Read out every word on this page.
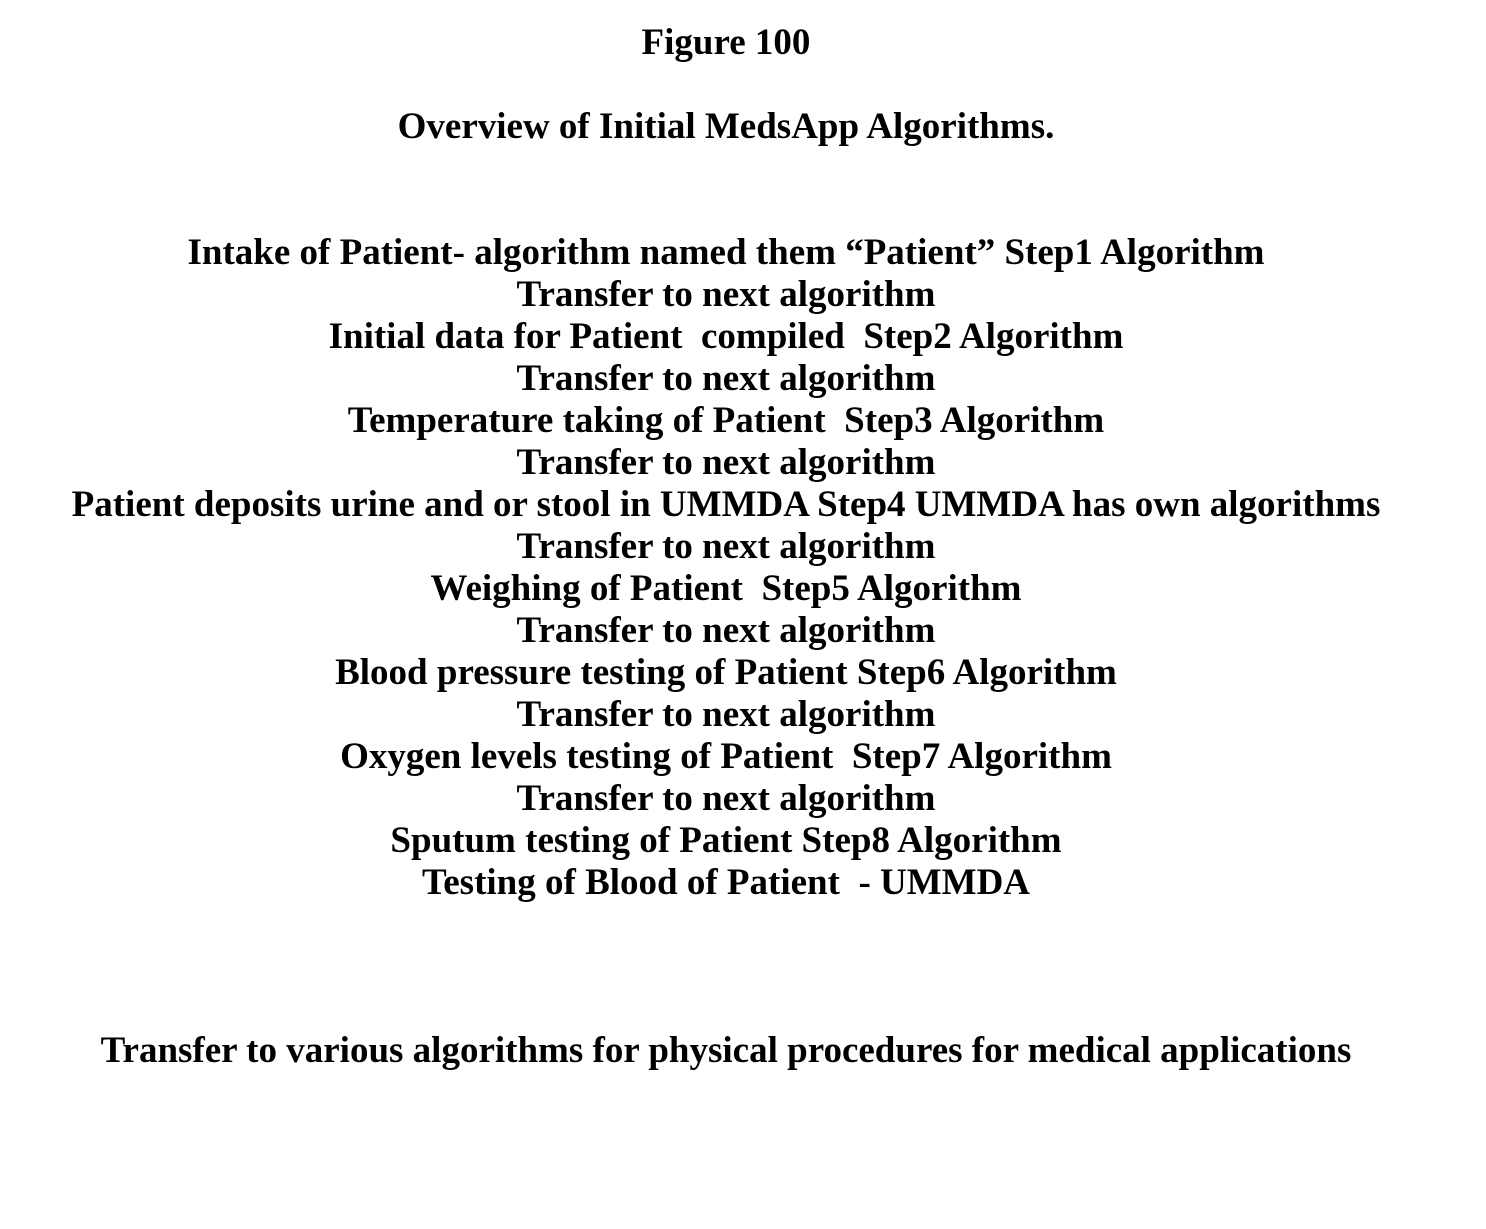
Figure 100
Overview of Initial MedsApp Algorithms.
Intake of Patient- algorithm named them “Patient” Step1 Algorithm
Transfer to next algorithm
Initial data for Patient  compiled  Step2 Algorithm
Transfer to next algorithm
Temperature taking of Patient  Step3 Algorithm
Transfer to next algorithm
Patient deposits urine and or stool in UMMDA Step4 UMMDA has own algorithms
Transfer to next algorithm
Weighing of Patient  Step5 Algorithm
Transfer to next algorithm
Blood pressure testing of Patient Step6 Algorithm
Transfer to next algorithm
Oxygen levels testing of Patient  Step7 Algorithm
Transfer to next algorithm
Sputum testing of Patient Step8 Algorithm
Testing of Blood of Patient  - UMMDA
Transfer to various algorithms for physical procedures for medical applications
